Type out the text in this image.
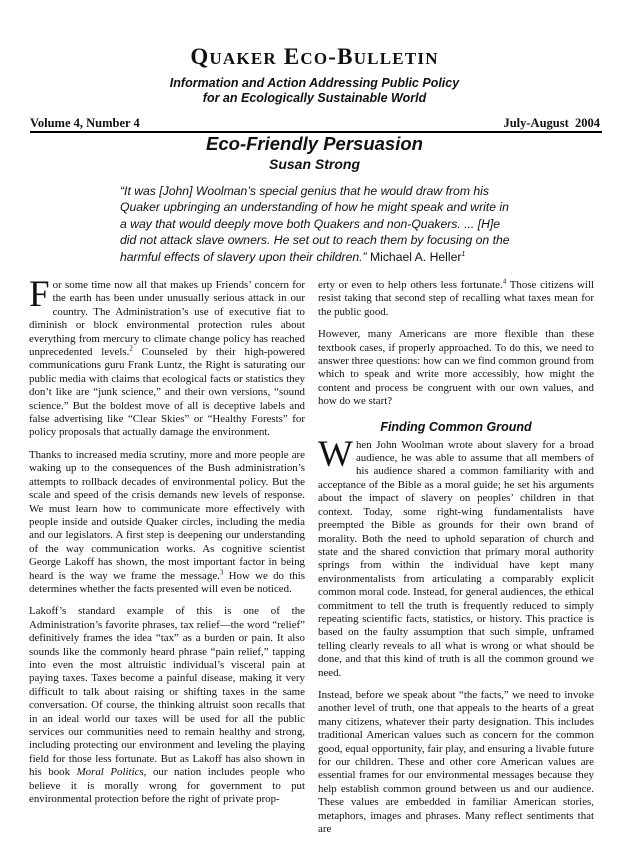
QUAKER ECO-BULLETIN
Information and Action Addressing Public Policy
for an Ecologically Sustainable World
Volume 4, Number 4	July-August  2004
Eco-Friendly Persuasion
Susan Strong
“It was [John] Woolman’s special genius that he would draw from his Quaker upbringing an understanding of how he might speak and write in a way that would deeply move both Quakers and non-Quakers. ... [H]e did not attack slave owners. He set out to reach them by focusing on the harmful effects of slavery upon their children.” Michael A. Heller$^1$

For some time now all that makes up Friends’ concern for the earth has been under unusually serious attack in our country. The Administration’s use of executive fiat to diminish or block environmental protection rules about everything from mercury to climate change policy has reached unprecedented levels.$^2$ Counseled by their high-powered communications guru Frank Luntz, the Right is saturating our public media with claims that ecological facts or statistics they don’t like are “junk science,” and their own versions, “sound science.” But the boldest move of all is deceptive labels and false advertising like “Clear Skies” or “Healthy Forests” for policy proposals that actually damage the environment.

Thanks to increased media scrutiny, more and more people are waking up to the consequences of the Bush administration’s attempts to rollback decades of environmental policy. But the scale and speed of the crisis demands new levels of response. We must learn how to communicate more effectively with people inside and outside Quaker circles, including the media and our legislators. A first step is deepening our understanding of the way communication works. As cognitive scientist George Lakoff has shown, the most important factor in being heard is the way we frame the message.$^3$ How we do this determines whether the facts presented will even be noticed.

Lakoff’s standard example of this is one of the Administration’s favorite phrases, tax relief—the word “relief” definitively frames the idea “tax” as a burden or pain. It also sounds like the commonly heard phrase “pain relief,” tapping into even the most altruistic individual’s visceral pain at paying taxes. Taxes become a painful disease, making it very difficult to talk about raising or shifting taxes in the same conversation. Of course, the thinking altruist soon recalls that in an ideal world our taxes will be used for all the public services our communities need to remain healthy and strong, including protecting our environment and leveling the playing field for those less fortunate. But as Lakoff has also shown in his book Moral Politics, our nation includes people who believe it is morally wrong for government to put environmental protection before the right of private prop-

erty or even to help others less fortunate.$^4$ Those citizens will resist taking that second step of recalling what taxes mean for the public good.

However, many Americans are more flexible than these textbook cases, if properly approached. To do this, we need to answer three questions: how can we find common ground from which to speak and write more accessibly, how might the content and process be congruent with our own values, and how do we start?

Finding Common Ground

When John Woolman wrote about slavery for a broad audience, he was able to assume that all members of his audience shared a common familiarity with and acceptance of the Bible as a moral guide; he set his arguments about the impact of slavery on peoples’ children in that context. Today, some right-wing fundamentalists have preempted the Bible as grounds for their own brand of morality. Both the need to uphold separation of church and state and the shared conviction that primary moral authority springs from within the individual have kept many environmentalists from articulating a comparably explicit common moral code. Instead, for general audiences, the ethical commitment to tell the truth is frequently reduced to simply repeating scientific facts, statistics, or history. This practice is based on the faulty assumption that such simple, unframed telling clearly reveals to all what is wrong or what should be done, and that this kind of truth is all the common ground we need.

Instead, before we speak about “the facts,” we need to invoke another level of truth, one that appeals to the hearts of a great many citizens, whatever their party designation. This includes traditional American values such as concern for the common good, equal opportunity, fair play, and ensuring a livable future for our children. These and other core American values are essential frames for our environmental messages because they help establish common ground between us and our audience. These values are embedded in familiar American stories, metaphors, images and phrases. Many reflect sentiments that are
